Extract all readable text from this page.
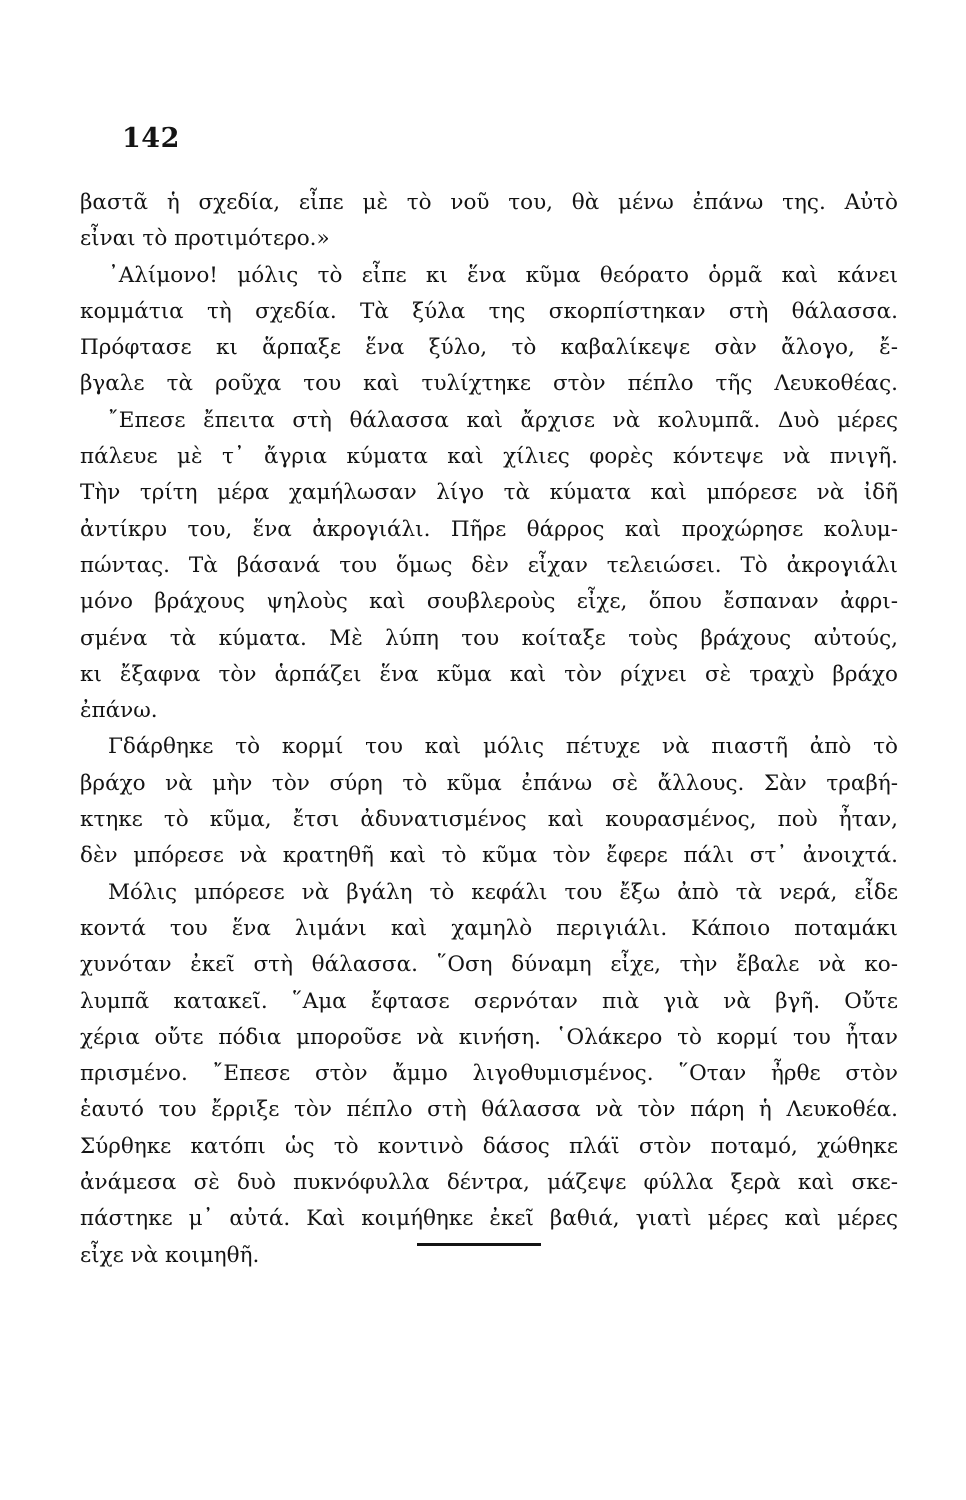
142
βαστᾶ ἡ σχεδία, εἶπε μὲ τὸ νοῦ του, θὰ μένω ἐπάνω της. Αὐτὸ
εἶναι τὸ προτιμότερο.»
᾿Αλίμονο! μόλις τὸ εἶπε κι ἕνα κῦμα θεόρατο ὁρμᾶ καὶ κάνει
κομμάτια τὴ σχεδία. Τὰ ξύλα της σκορπίστηκαν στὴ θάλασσα.
Πρόφτασε κι ἅρπαξε ἕνα ξύλο, τὸ καβαλίκεψε σὰν ἄλογο, ἔ-
βγαλε τὰ ροῦχα του καὶ τυλίχτηκε στὸν πέπλο τῆς Λευκοθέας.
῎Επεσε ἔπειτα στὴ θάλασσα καὶ ἄρχισε νὰ κολυμπᾶ. Δυὸ μέρες
πάλευε μὲ τ᾿ ἄγρια κύματα καὶ χίλιες φορὲς κόντεψε νὰ πνιγῆ.
Τὴν τρίτη μέρα χαμήλωσαν λίγο τὰ κύματα καὶ μπόρεσε νὰ ἰδῆ
ἀντίκρυ του, ἕνα ἀκρογιάλι. Πῆρε θάρρος καὶ προχώρησε κολυμ-
πώντας. Τὰ βάσανά του ὅμως δὲν εἶχαν τελειώσει. Τὸ ἀκρογιάλι
μόνο βράχους ψηλοὺς καὶ σουβλεροὺς εἶχε, ὅπου ἔσπαναν ἀφρι-
σμένα τὰ κύματα. Μὲ λύπη του κοίταξε τοὺς βράχους αὐτούς,
κι ἔξαφνα τὸν ἁρπάζει ἕνα κῦμα καὶ τὸν ρίχνει σὲ τραχὺ βράχο
ἐπάνω.
Γδάρθηκε τὸ κορμί του καὶ μόλις πέτυχε νὰ πιαστῆ ἀπὸ τὸ
βράχο νὰ μὴν τὸν σύρη τὸ κῦμα ἐπάνω σὲ ἄλλους. Σὰν τραβή-
κτηκε τὸ κῦμα, ἔτσι ἀδυνατισμένος καὶ κουρασμένος, ποὺ ἦταν,
δὲν μπόρεσε νὰ κρατηθῆ καὶ τὸ κῦμα τὸν ἔφερε πάλι στ᾿ ἀνοιχτά.
Μόλις μπόρεσε νὰ βγάλη τὸ κεφάλι του ἔξω ἀπὸ τὰ νερά, εἶδε
κοντά του ἕνα λιμάνι καὶ χαμηλὸ περιγιάλι. Κάποιο ποταμάκι
χυνόταν ἐκεῖ στὴ θάλασσα. ῞Οση δύναμη εἶχε, τὴν ἔβαλε νὰ κο-
λυμπᾶ κατακεῖ. ῞Αμα ἔφτασε σερνόταν πιὰ γιὰ νὰ βγῆ. Οὔτε
χέρια οὔτε πόδια μποροῦσε νὰ κινήση. ῾Ολάκερο τὸ κορμί του ἦταν
πρισμένο. ῎Επεσε στὸν ἄμμο λιγοθυμισμένος. ῞Οταν ἦρθε στὸν
ἑαυτό του ἔρριξε τὸν πέπλο στὴ θάλασσα νὰ τὸν πάρη ἡ Λευκοθέα.
Σύρθηκε κατόπι ὡς τὸ κοντινὸ δάσος πλάϊ στὸν ποταμό, χώθηκε
ἀνάμεσα σὲ δυὸ πυκνόφυλλα δέντρα, μάζεψε φύλλα ξερὰ καὶ σκε-
πάστηκε μ᾿ αὐτά. Καὶ κοιμήθηκε ἐκεῖ βαθιά, γιατὶ μέρες καὶ μέρες
εἶχε νὰ κοιμηθῆ.
